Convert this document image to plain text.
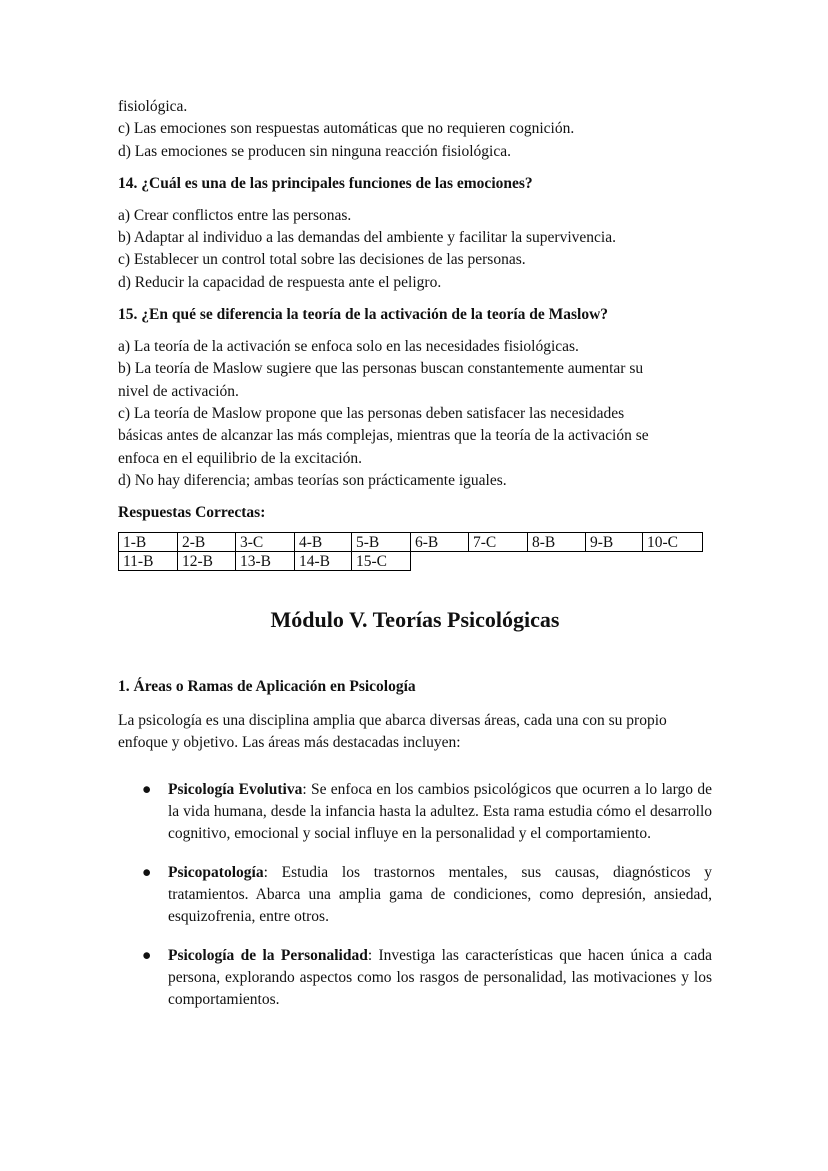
fisiológica.

c) Las emociones son respuestas automáticas que no requieren cognición.

d) Las emociones se producen sin ninguna reacción fisiológica.

14. ¿Cuál es una de las principales funciones de las emociones?

a) Crear conflictos entre las personas.

b) Adaptar al individuo a las demandas del ambiente y facilitar la supervivencia.

c) Establecer un control total sobre las decisiones de las personas.

d) Reducir la capacidad de respuesta ante el peligro.

15. ¿En qué se diferencia la teoría de la activación de la teoría de Maslow?

a) La teoría de la activación se enfoca solo en las necesidades fisiológicas.

b) La teoría de Maslow sugiere que las personas buscan constantemente aumentar su

nivel de activación.

c) La teoría de Maslow propone que las personas deben satisfacer las necesidades

básicas antes de alcanzar las más complejas, mientras que la teoría de la activación se

enfoca en el equilibrio de la excitación.

d) No hay diferencia; ambas teorías son prácticamente iguales.

Respuestas Correctas:

1-B	2-B	3-C	4-B	5-B	6-B	7-C	8-B	9-B	10-C
11-B	12-B	13-B	14-B	15-C					
Módulo V. Teorías Psicológicas
1. Áreas o Ramas de Aplicación en Psicología

La psicología es una disciplina amplia que abarca diversas áreas, cada una con su propio

enfoque y objetivo. Las áreas más destacadas incluyen:

● Psicología Evolutiva: Se enfoca en los cambios psicológicos que ocurren a lo largo de la vida humana, desde la infancia hasta la adultez. Esta rama estudia cómo el desarrollo cognitivo, emocional y social influye en la personalidad y el comportamiento.
● Psicopatología: Estudia los trastornos mentales, sus causas, diagnósticos y tratamientos. Abarca una amplia gama de condiciones, como depresión, ansiedad, esquizofrenia, entre otros.
● Psicología de la Personalidad: Investiga las características que hacen única a cada persona, explorando aspectos como los rasgos de personalidad, las motivaciones y los comportamientos.
